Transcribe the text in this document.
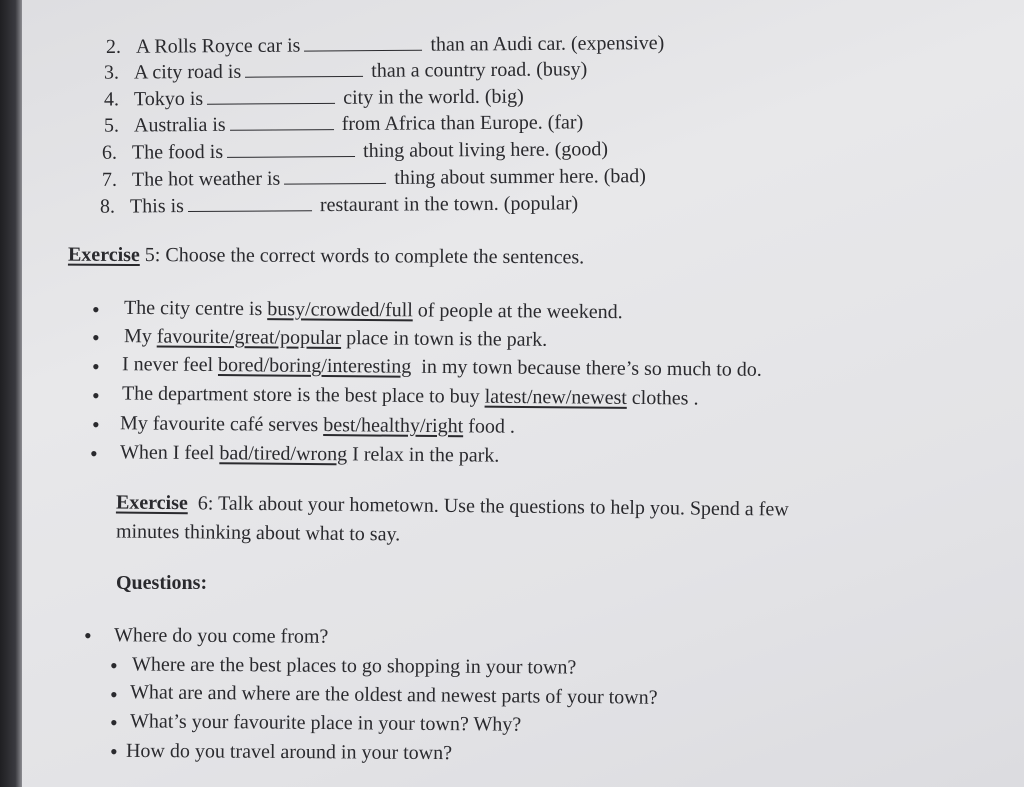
2. A Rolls Royce car is	than an Audi car. (expensive)
3. A city road is	than a country road. (busy)
4. Tokyo is	city in the world. (big)
5. Australia is	from Africa than Europe. (far)
6. The food is	thing about living here. (good)
7. The hot weather is	thing about summer here. (bad)
8. This is	restaurant in the town. (popular)
Exercise 5: Choose the correct words to complete the sentences.
• The city centre is busy/crowded/full of people at the weekend.
• My favourite/great/popular place in town is the park.
• I never feel bored/boring/interesting  in my town because there’s so much to do.
• The department store is the best place to buy latest/new/newest clothes .
• My favourite café serves best/healthy/right food .
• When I feel bad/tired/wrong I relax in the park.
Exercise  6: Talk about your hometown. Use the questions to help you. Spend a few
minutes thinking about what to say.
Questions:
• Where do you come from?
• Where are the best places to go shopping in your town?
• What are and where are the oldest and newest parts of your town?
• What’s your favourite place in your town? Why?
• How do you travel around in your town?
